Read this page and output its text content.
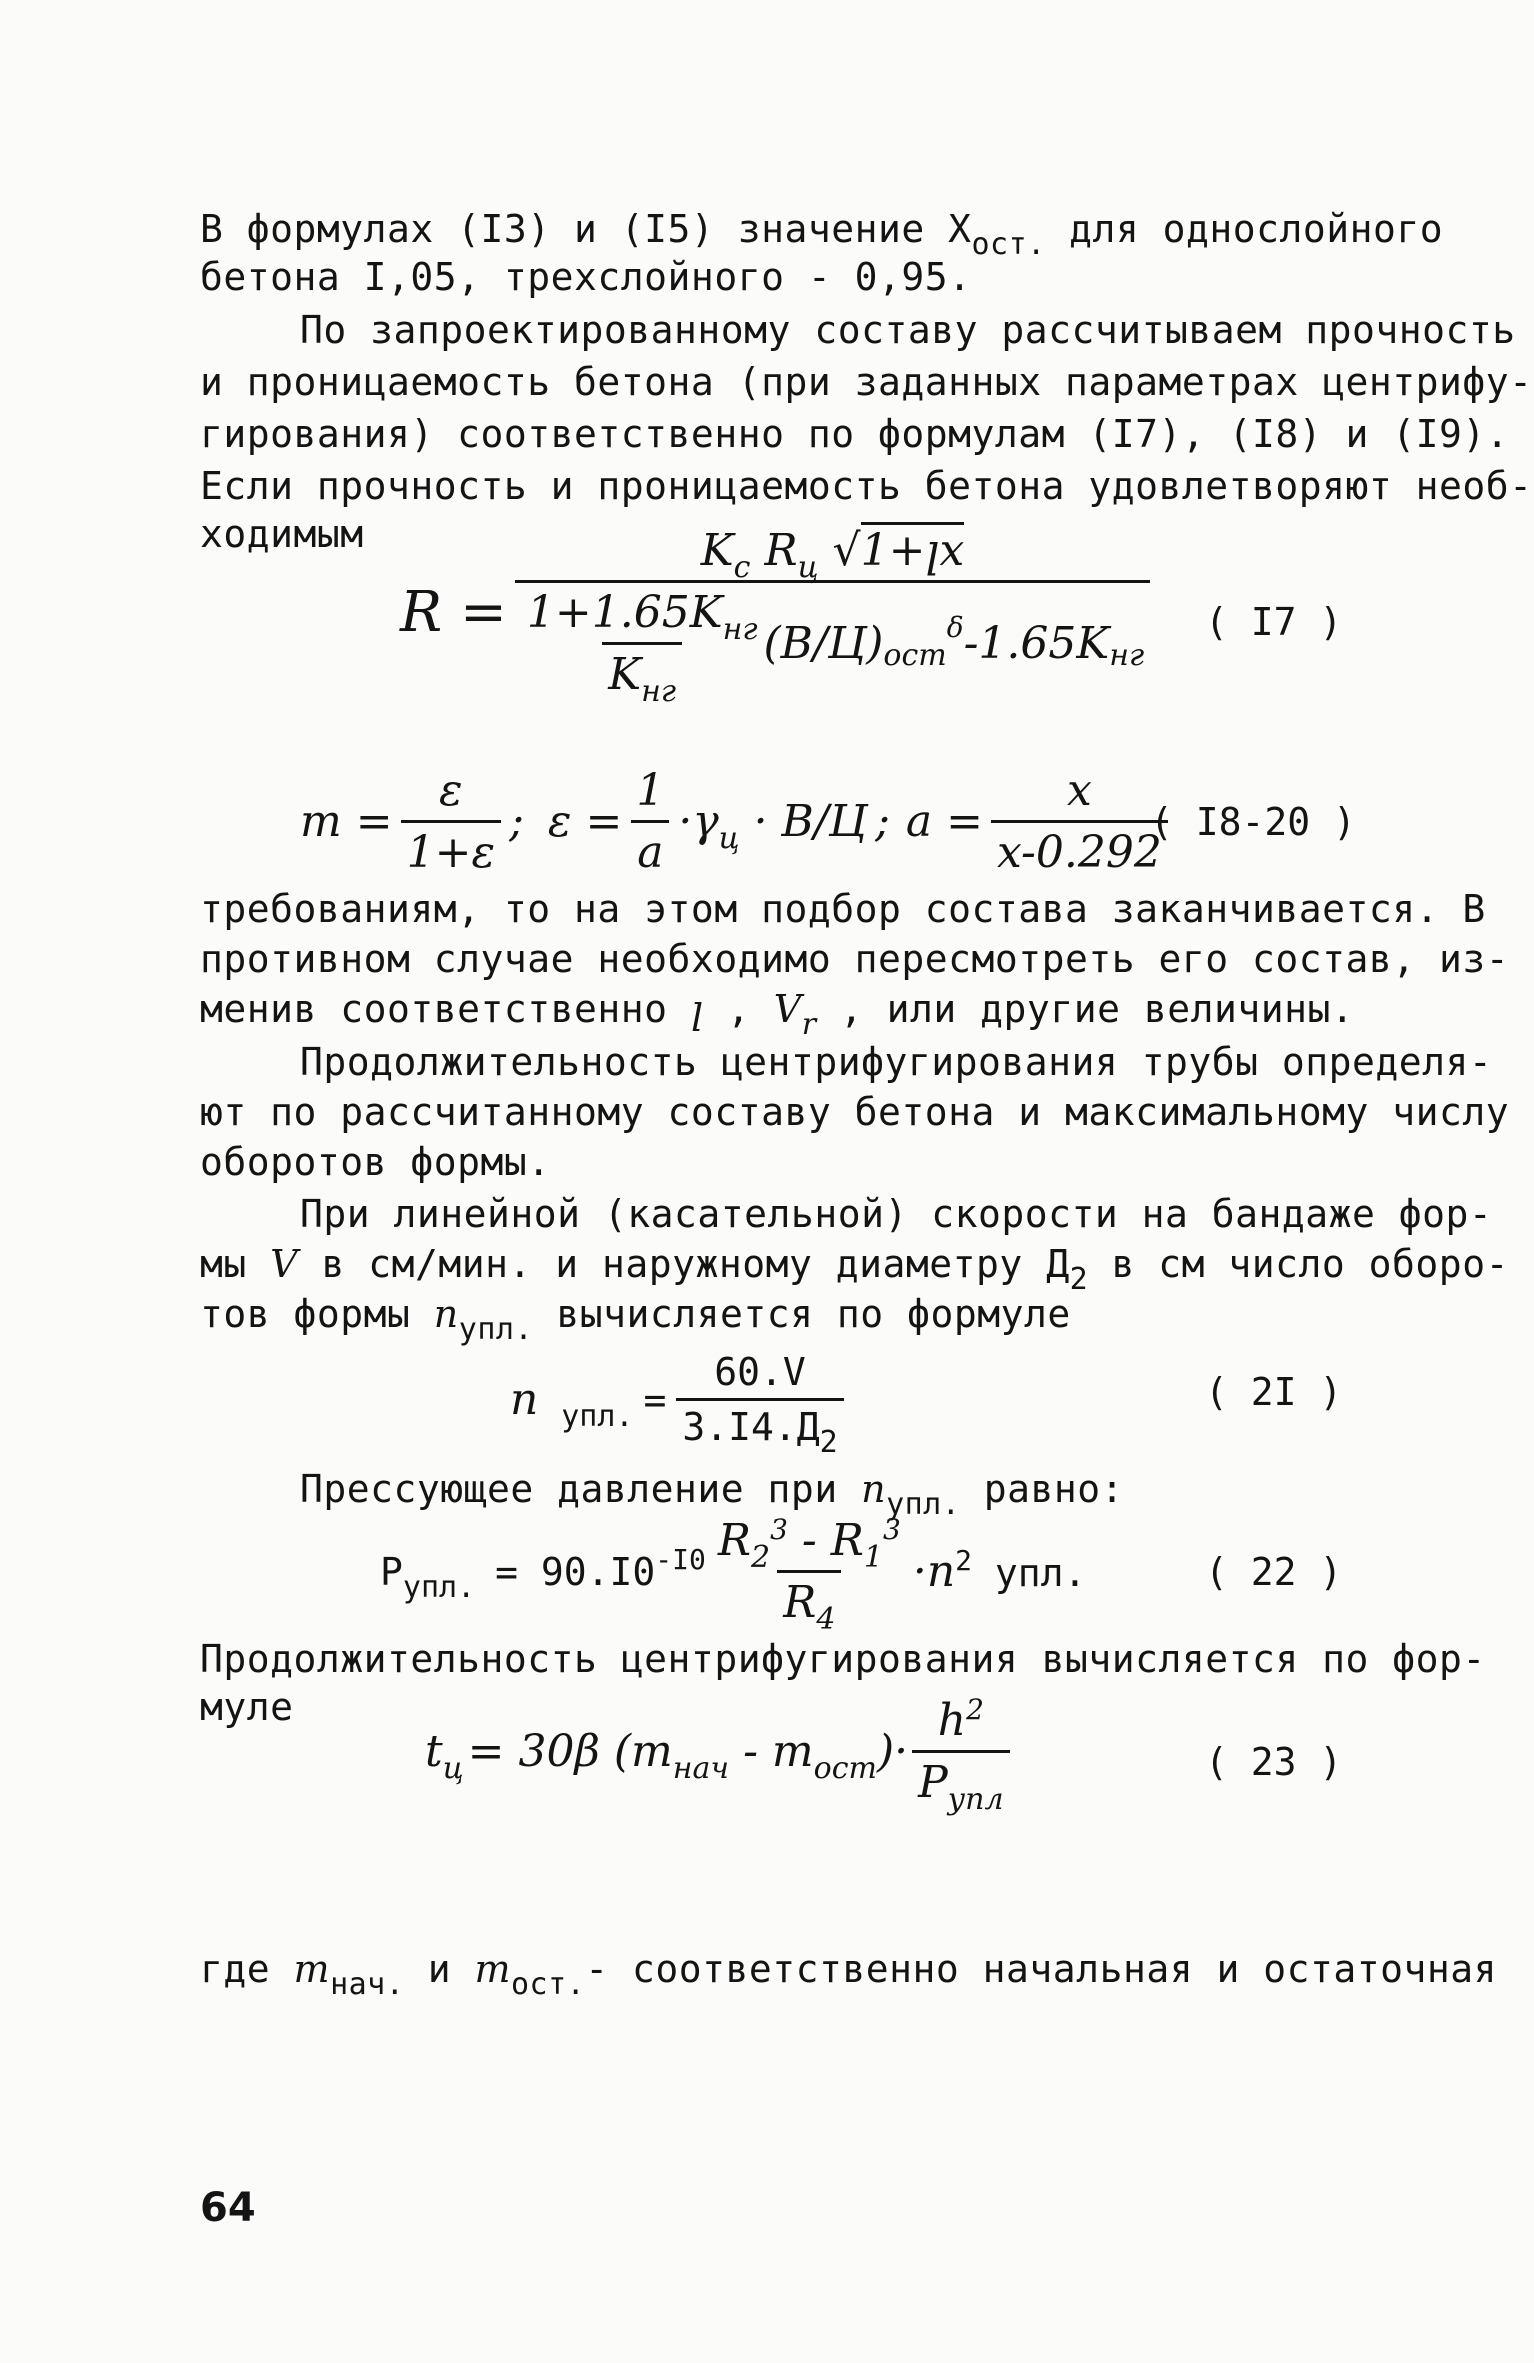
В формулах (I3) и (I5) значение $X_{ост.}$ для однослойного
бетона I,05, трехслойного - 0,95.
По запроектированному составу рассчитываем прочность
и проницаемость бетона (при заданных параметрах центрифу-
гирования) соответственно по формулам (I7), (I8) и (I9).
Если прочность и проницаемость бетона удовлетворяют необ-
ходимым
R =
$K_c$ $R_ц$ √1+ꞁx
$\frac{1+1.65K_{нг}}{K_{нг}} (В/Ц)$ ост
δ -1.65K нг
( I7 )
$m = \frac{\varepsilon}{1+\varepsilon}$ ; $\varepsilon = \frac{1}{a} \cdot\gamma_ц \cdot В/Ц$ ; $a = \frac{x}{x-0.292}$
( I8-20 )
требованиям, то на этом подбор состава заканчивается. В
противном случае необходимо пересмотреть его состав, из-
менив соответственно ꞁ , $V_r$ , или другие величины.
Продолжительность центрифугирования трубы определя-
ют по рассчитанному составу бетона и максимальному числу
оборотов формы.
При линейной (касательной) скорости на бандаже фор-
мы V в см/мин. и наружному диаметру $Д_2$ в см число оборо-
тов формы $n_{упл.}$ вычисляется по формуле
n $_{упл.} = \frac{60.V}{3.I4.Д_2}$	( 2I )
Прессующее давление при $n_{упл.}$ равно:
$P_{упл.} = 90.I0^{-I0} \frac{R_2^3 - R_1^3}{R_4} \cdot n^2$ упл.	( 22 )
Продолжительность центрифугирования вычисляется по фор-
муле
$t_ц = 30\beta$ $(m_{нач} - m_{ост})\cdot \frac{h^2}{P_{упл}}$	( 23 )
где $m_{нач.}$ и $m_{ост.}-$ соответственно начальная и остаточная
64
